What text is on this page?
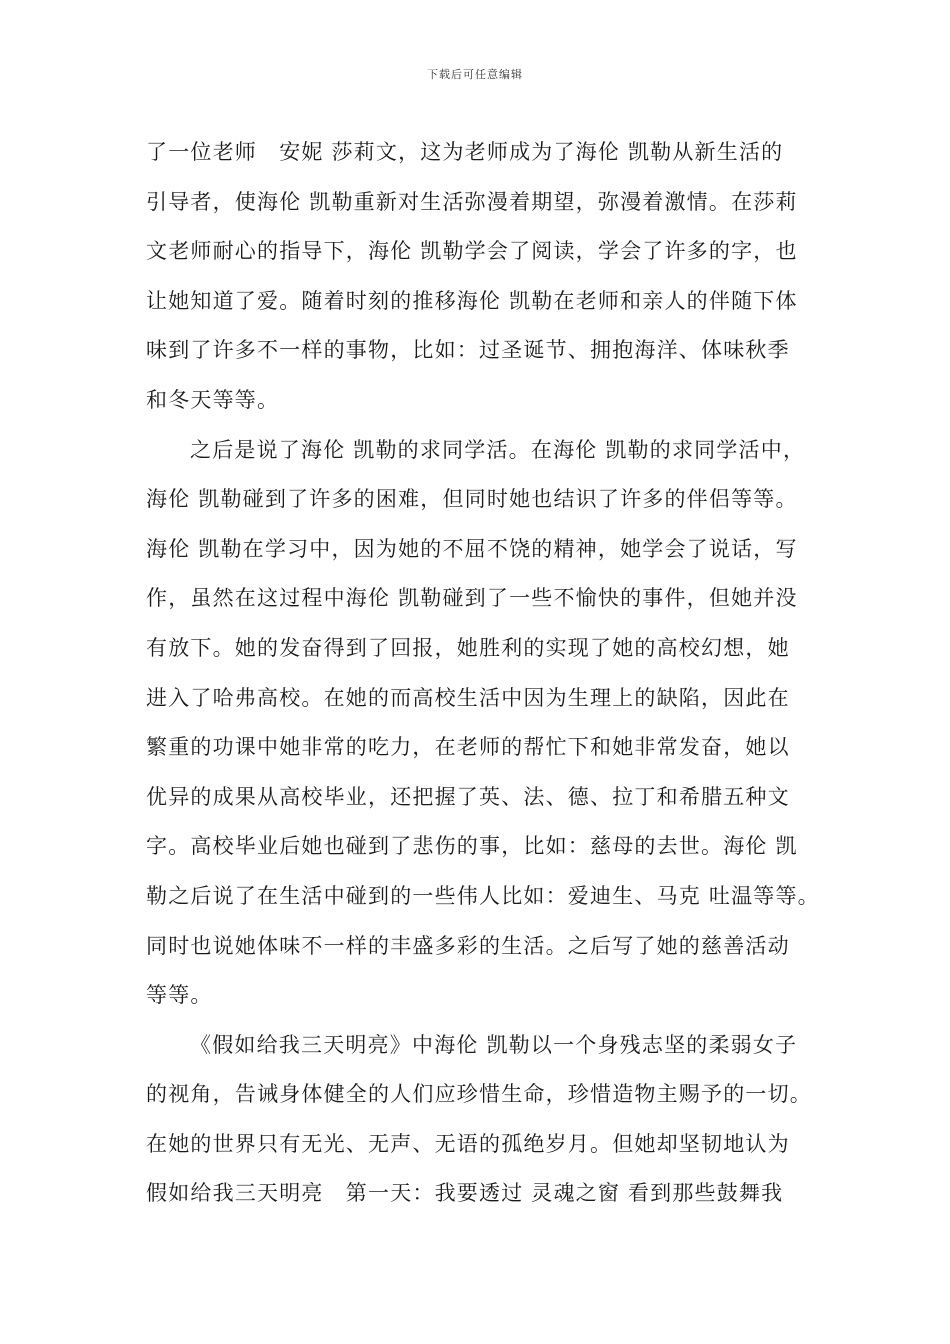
下载后可任意编辑
了一位老师　安妮 莎莉文，这为老师成为了海伦 凯勒从新生活的
引导者，使海伦 凯勒重新对生活弥漫着期望，弥漫着激情。在莎莉
文老师耐心的指导下，海伦 凯勒学会了阅读，学会了许多的字，也
让她知道了爱。随着时刻的推移海伦 凯勒在老师和亲人的伴随下体
味到了许多不一样的事物，比如：过圣诞节、拥抱海洋、体味秋季
和冬天等等。
之后是说了海伦 凯勒的求同学活。在海伦 凯勒的求同学活中，
海伦 凯勒碰到了许多的困难，但同时她也结识了许多的伴侣等等。
海伦 凯勒在学习中，因为她的不屈不饶的精神，她学会了说话，写
作，虽然在这过程中海伦 凯勒碰到了一些不愉快的事件，但她并没
有放下。她的发奋得到了回报，她胜利的实现了她的高校幻想，她
进入了哈弗高校。在她的而高校生活中因为生理上的缺陷，因此在
繁重的功课中她非常的吃力，在老师的帮忙下和她非常发奋，她以
优异的成果从高校毕业，还把握了英、法、德、拉丁和希腊五种文
字。高校毕业后她也碰到了悲伤的事，比如：慈母的去世。海伦 凯
勒之后说了在生活中碰到的一些伟人比如：爱迪生、马克 吐温等等。
同时也说她体味不一样的丰盛多彩的生活。之后写了她的慈善活动
等等。
《假如给我三天明亮》中海伦 凯勒以一个身残志坚的柔弱女子
的视角，告诫身体健全的人们应珍惜生命，珍惜造物主赐予的一切。
在她的世界只有无光、无声、无语的孤绝岁月。但她却坚韧地认为
假如给我三天明亮　第一天：我要透过 灵魂之窗 看到那些鼓舞我
